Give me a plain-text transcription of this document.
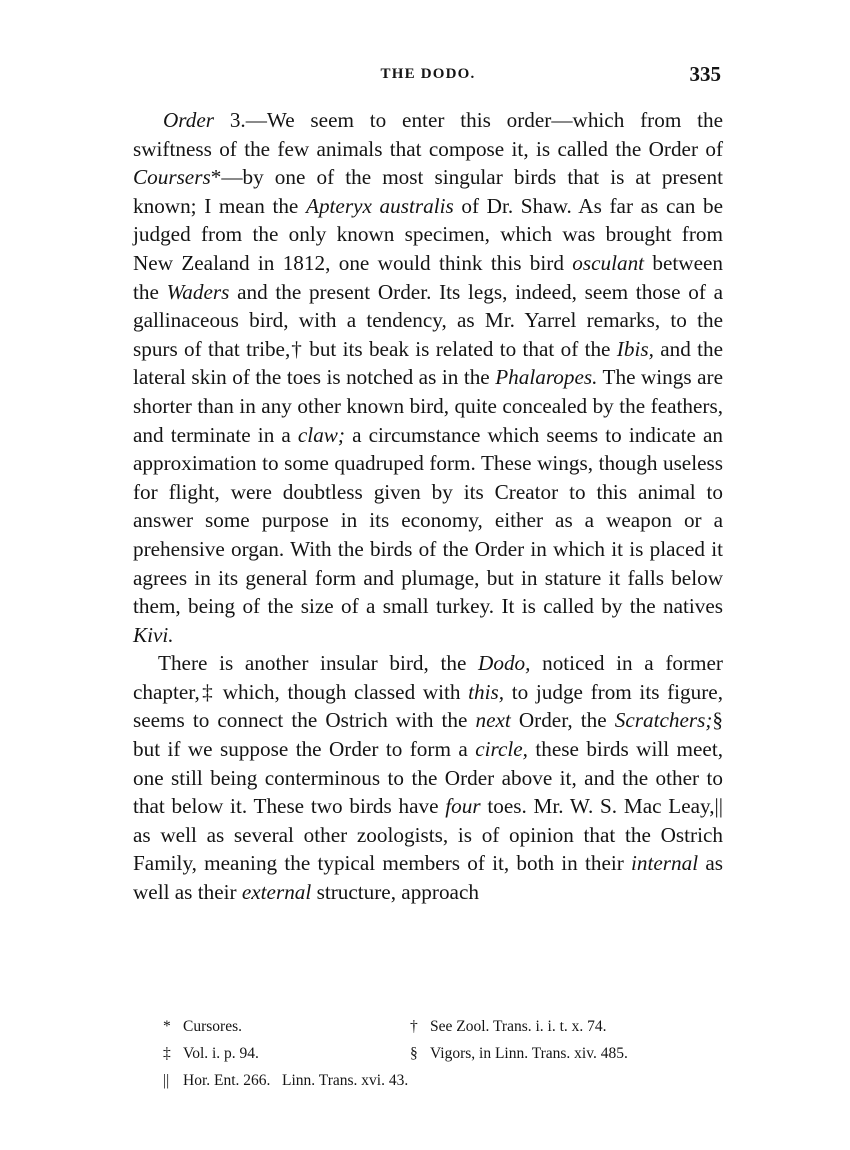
THE DODO.	335

Order 3.—We seem to enter this order—which from the swiftness of the few animals that compose it, is called the Order of Coursers*—by one of the most singular birds that is at present known; I mean the Apteryx australis of Dr. Shaw. As far as can be judged from the only known specimen, which was brought from New Zealand in 1812, one would think this bird osculant between the Waders and the present Order. Its legs, indeed, seem those of a gallinaceous bird, with a tendency, as Mr. Yarrel remarks, to the spurs of that tribe,† but its beak is related to that of the Ibis, and the lateral skin of the toes is notched as in the Phalaropes. The wings are shorter than in any other known bird, quite concealed by the feathers, and terminate in a claw; a circumstance which seems to indicate an approximation to some quadruped form. These wings, though useless for flight, were doubtless given by its Creator to this animal to answer some purpose in its economy, either as a weapon or a prehensive organ. With the birds of the Order in which it is placed it agrees in its general form and plumage, but in stature it falls below them, being of the size of a small turkey. It is called by the natives Kivi.

There is another insular bird, the Dodo, noticed in a former chapter,‡ which, though classed with this, to judge from its figure, seems to connect the Ostrich with the next Order, the Scratchers;§ but if we suppose the Order to form a circle, these birds will meet, one still being conterminous to the Order above it, and the other to that below it. These two birds have four toes. Mr. W. S. Mac Leay,|| as well as several other zoologists, is of opinion that the Ostrich Family, meaning the typical members of it, both in their internal as well as their external structure, approach

* Cursores.	† See Zool. Trans. i. i. t. x. 74.
‡ Vol. i. p. 94.	§ Vigors, in Linn. Trans. xiv. 485.
|| Hor. Ent. 266. Linn. Trans. xvi. 43.
